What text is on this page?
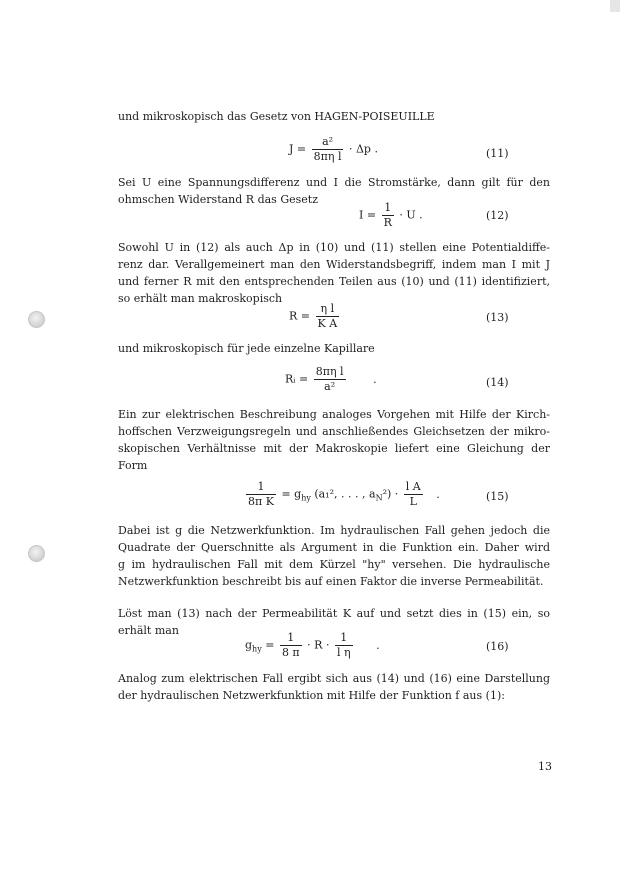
und mikroskopisch das Gesetz von HAGEN-POISEUILLE

$J = \frac{\text{a²}}{\text{8πη l}} \cdot \Delta p$ .	(11)

Sei U eine Spannungsdifferenz und I die Stromstärke, dann gilt für den
ohmschen Widerstand R das Gesetz

$I = \frac{1}{R} \cdot U$ .	(12)

Sowohl U in (12) als auch Δp in (10) und (11) stellen eine Potentialdiffe-
renz dar. Verallgemeinert man den Widerstandsbegriff, indem man I mit J
und ferner R mit den entsprechenden Teilen aus (10) und (11) identifiziert,
so erhält man makroskopisch

$R = \frac{\text{η l}}{\text{K A}}$	(13)

und mikroskopisch für jede einzelne Kapillare

Rᵢ = $\frac{\text{8πη l}}{\text{a²}}$	.	(14)

Ein zur elektrischen Beschreibung analoges Vorgehen mit Hilfe der Kirch-
hoffschen Verzweigungsregeln und anschließendes Gleichsetzen der mikro-
skopischen Verhältnisse mit der Makroskopie liefert eine Gleichung der
Form

$\frac{1}{\text{8π K}} = g_{hy}$ (a₁², . . . , $a_N^2) \cdot \frac{\text{l A}}{L}$ .	(15)

Dabei ist g die Netzwerkfunktion. Im hydraulischen Fall gehen jedoch die
Quadrate der Querschnitte als Argument in die Funktion ein. Daher wird
g im hydraulischen Fall mit dem Kürzel "hy" versehen. Die hydraulische
Netzwerkfunktion beschreibt bis auf einen Faktor die inverse Permeabilität.

Löst man (13) nach der Permeabilität K auf und setzt dies in (15) ein, so
erhält man

$g_{hy} = \frac{1}{8 \pi} \cdot R \cdot \frac{1}{\text{l η}}$ .	(16)

Analog zum elektrischen Fall ergibt sich aus (14) und (16) eine Darstellung
der hydraulischen Netzwerkfunktion mit Hilfe der Funktion f aus (1):

13
